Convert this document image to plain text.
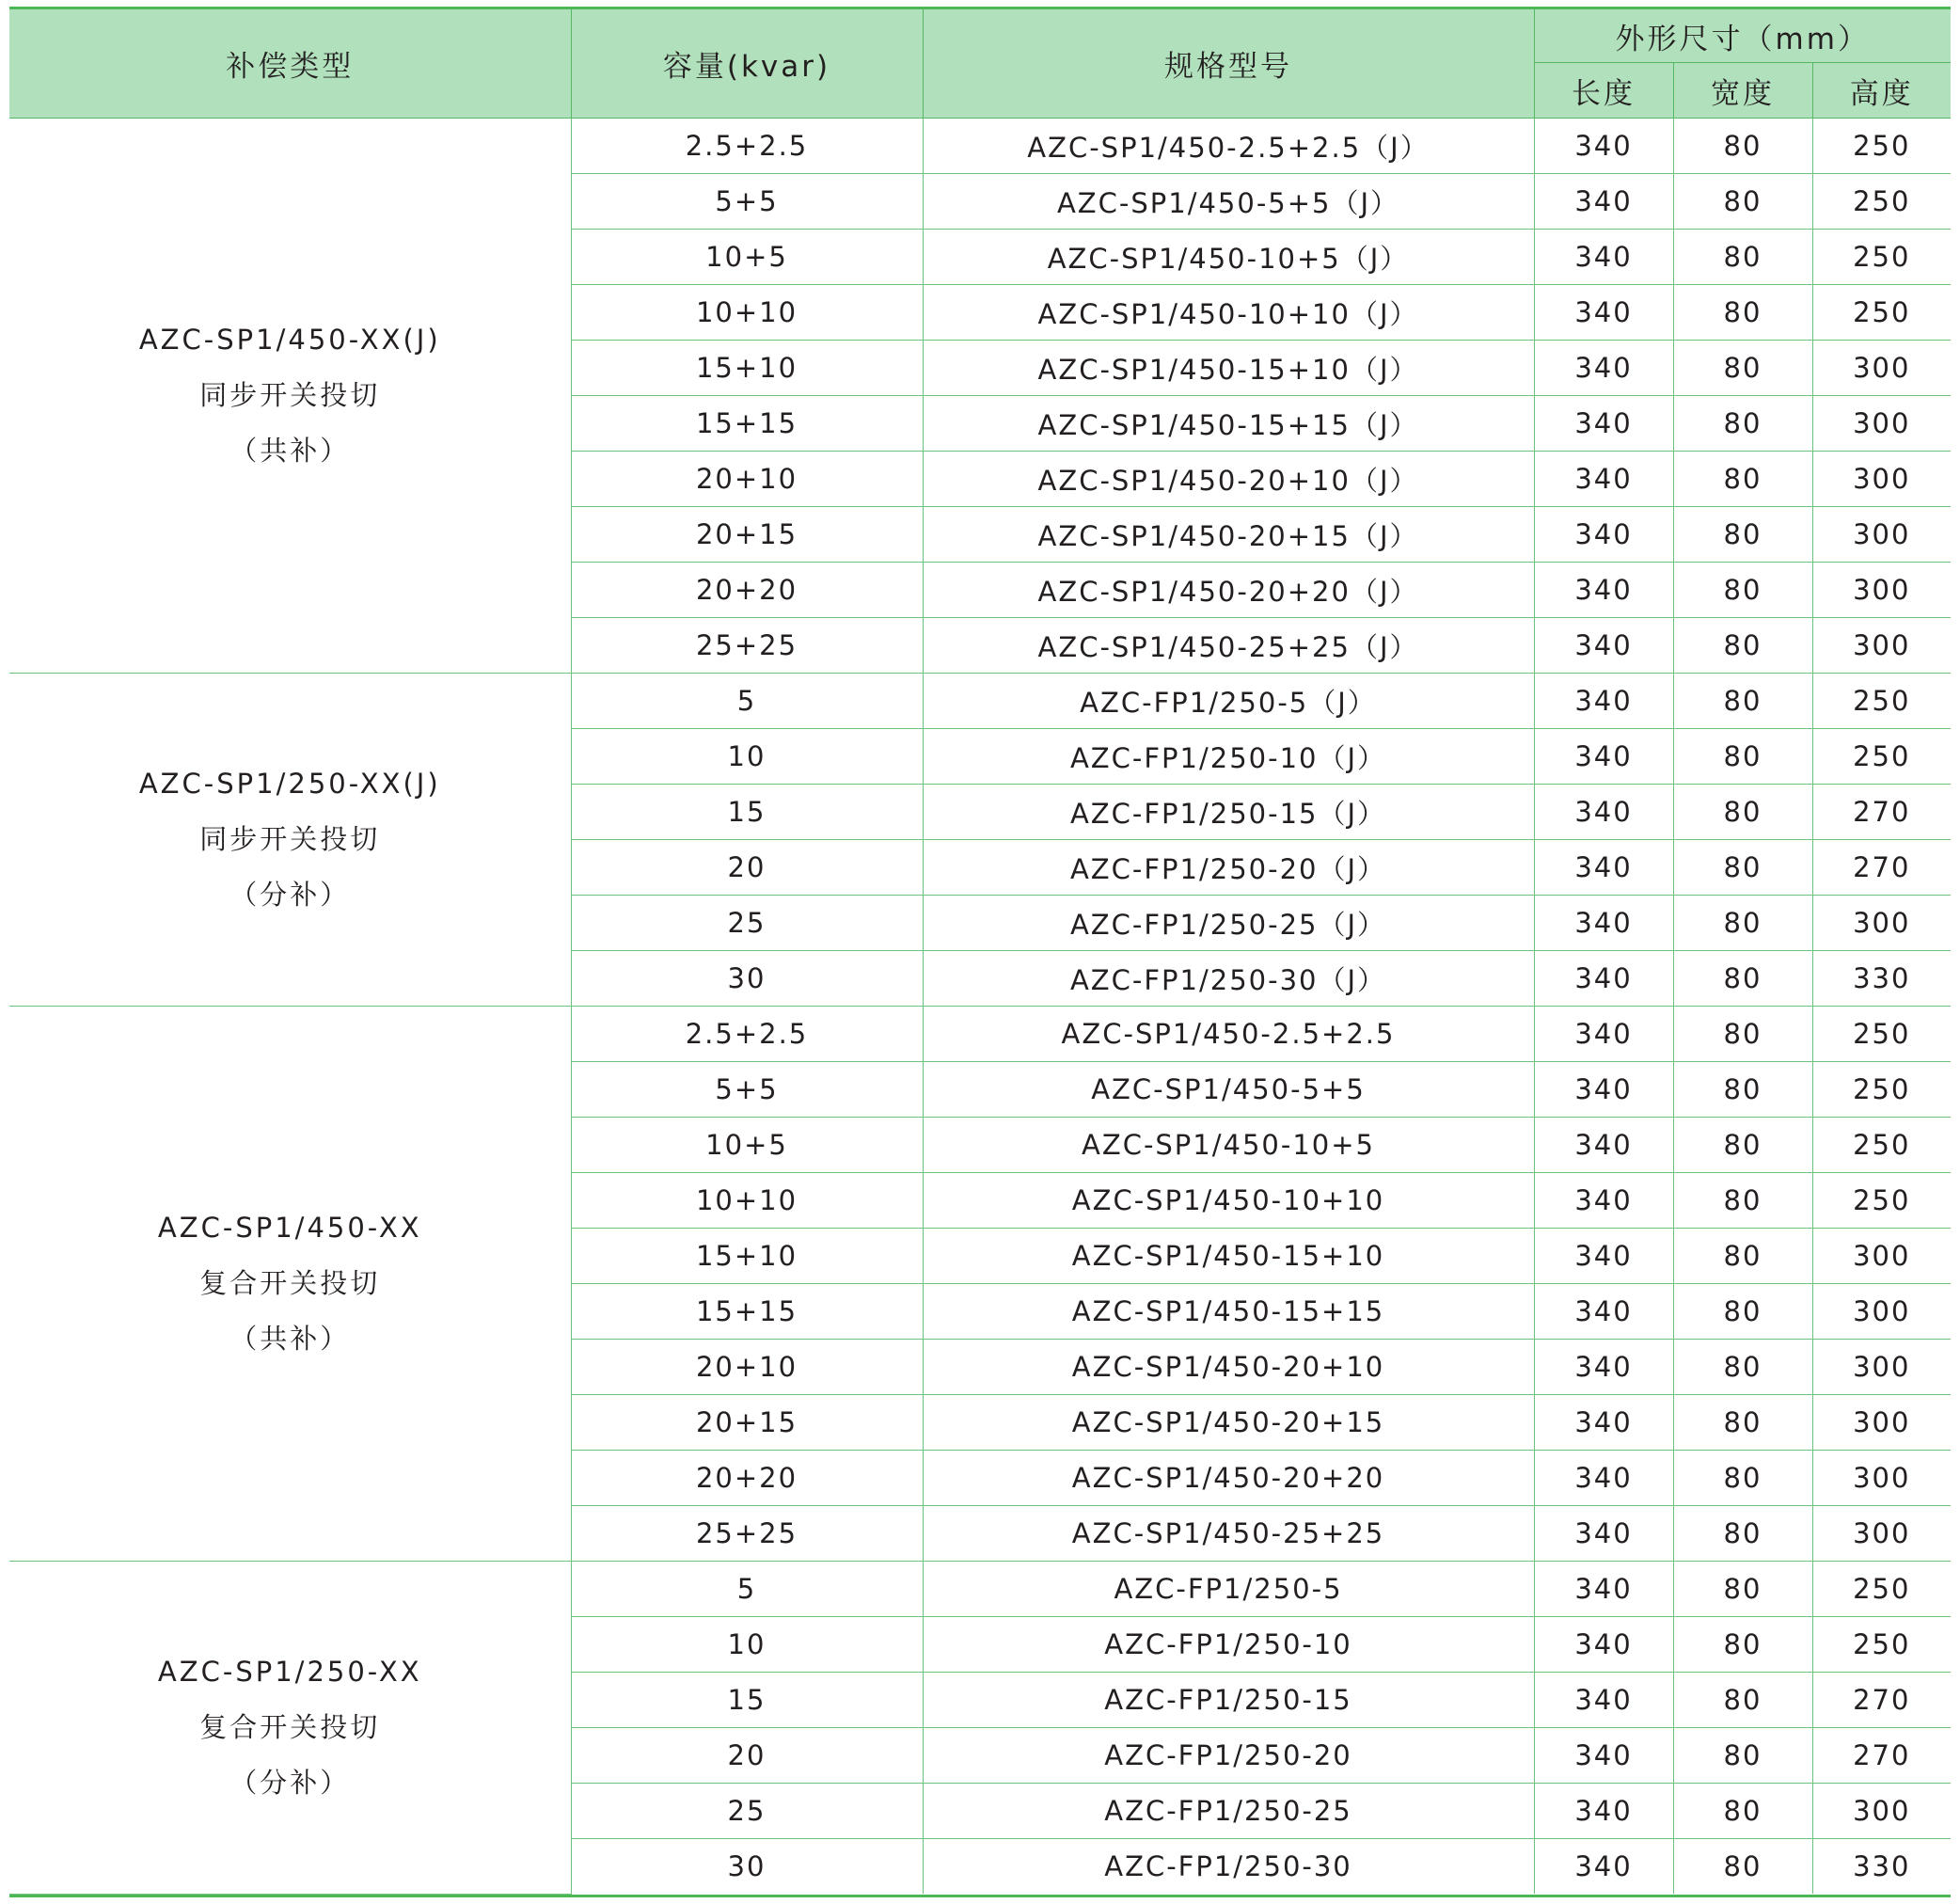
补偿类型	容量(kvar)	规格型号	外形尺寸（mm）		
			长度	宽度	高度

AZC-SP1/450-XX(J)
同步开关投切
（共补）	2.5+2.5	AZC-SP1/450-2.5+2.5（J）	340	80	250
	5+5	AZC-SP1/450-5+5（J）	340	80	250
	10+5	AZC-SP1/450-10+5（J）	340	80	250
	10+10	AZC-SP1/450-10+10（J）	340	80	250
	15+10	AZC-SP1/450-15+10（J）	340	80	300
	15+15	AZC-SP1/450-15+15（J）	340	80	300
	20+10	AZC-SP1/450-20+10（J）	340	80	300
	20+15	AZC-SP1/450-20+15（J）	340	80	300
	20+20	AZC-SP1/450-20+20（J）	340	80	300
	25+25	AZC-SP1/450-25+25（J）	340	80	300

AZC-SP1/250-XX(J)
同步开关投切
（分补）	5	AZC-FP1/250-5（J）	340	80	250
	10	AZC-FP1/250-10（J）	340	80	250
	15	AZC-FP1/250-15（J）	340	80	270
	20	AZC-FP1/250-20（J）	340	80	270
	25	AZC-FP1/250-25（J）	340	80	300
	30	AZC-FP1/250-30（J）	340	80	330

AZC-SP1/450-XX
复合开关投切
（共补）	2.5+2.5	AZC-SP1/450-2.5+2.5	340	80	250
	5+5	AZC-SP1/450-5+5	340	80	250
	10+5	AZC-SP1/450-10+5	340	80	250
	10+10	AZC-SP1/450-10+10	340	80	250
	15+10	AZC-SP1/450-15+10	340	80	300
	15+15	AZC-SP1/450-15+15	340	80	300
	20+10	AZC-SP1/450-20+10	340	80	300
	20+15	AZC-SP1/450-20+15	340	80	300
	20+20	AZC-SP1/450-20+20	340	80	300
	25+25	AZC-SP1/450-25+25	340	80	300

AZC-SP1/250-XX
复合开关投切
（分补）	5	AZC-FP1/250-5	340	80	250
	10	AZC-FP1/250-10	340	80	250
	15	AZC-FP1/250-15	340	80	270
	20	AZC-FP1/250-20	340	80	270
	25	AZC-FP1/250-25	340	80	300
	30	AZC-FP1/250-30	340	80	330
